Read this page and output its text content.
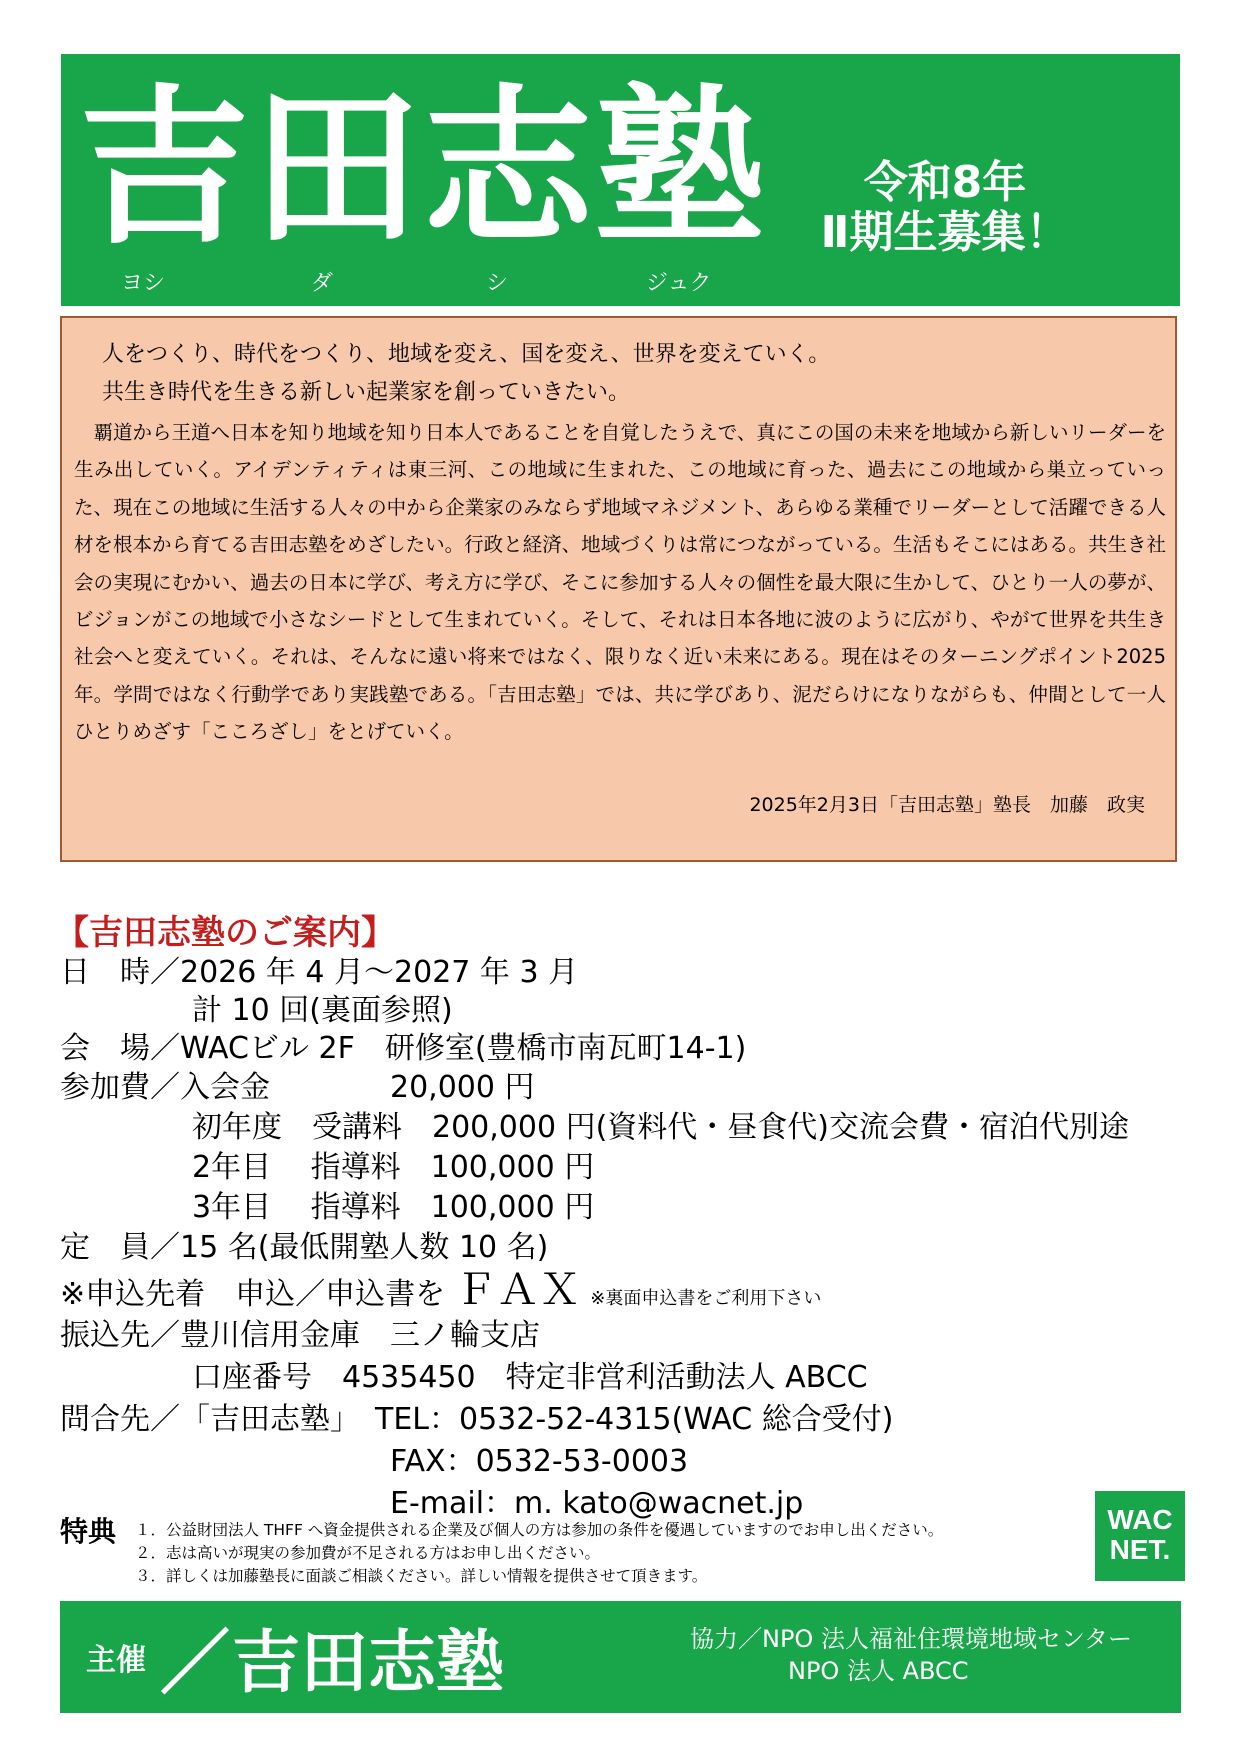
吉田志塾
ヨシ	ダ	シ	ジュク
令和8年
Ⅱ期生募集！
人をつくり、時代をつくり、地域を変え、国を変え、世界を変えていく。
共生き時代を生きる新しい起業家を創っていきたい。

覇道から王道へ日本を知り地域を知り日本人であることを自覚したうえで、真にこの国の未来を地域から新しいリーダーを生み出していく。アイデンティティは東三河、この地域に生まれた、この地域に育った、過去にこの地域から巣立っていった、現在この地域に生活する人々の中から企業家のみならず地域マネジメント、あらゆる業種でリーダーとして活躍できる人材を根本から育てる吉田志塾をめざしたい。行政と経済、地域づくりは常につながっている。生活もそこにはある。共生き社会の実現にむかい、過去の日本に学び、考え方に学び、そこに参加する人々の個性を最大限に生かして、ひとり一人の夢が、ビジョンがこの地域で小さなシードとして生まれていく。そして、それは日本各地に波のように広がり、やがて世界を共生き社会へと変えていく。それは、そんなに遠い将来ではなく、限りなく近い未来にある。現在はそのターニングポイント2025年。学問ではなく行動学であり実践塾である。「吉田志塾」では、共に学びあり、泥だらけになりながらも、仲間として一人ひとりめざす「こころざし」をとげていく。

2025年2月3日「吉田志塾」塾長　加藤　政実
【吉田志塾のご案内】
日　時／2026 年 4 月～2027 年 3 月
計 10 回(裏面参照)
会　場／WACビル 2F　研修室(豊橋市南瓦町14-1)
参加費／入会金　　　　20,000 円
初年度　受講料　200,000 円(資料代・昼食代)交流会費・宿泊代別途
2年目　 指導料　100,000 円
3年目　 指導料　100,000 円
定　員／15 名(最低開塾人数 10 名)
※申込先着　申込／申込書を ＦＡＸ ※裏面申込書をご利用下さい
振込先／豊川信用金庫　三ノ輪支店
口座番号　4535450　特定非営利活動法人 ABCC
問合先／「吉田志塾」　TEL：0532-52-4315(WAC 総合受付)
FAX：0532-53-0003
E-mail：m. kato@wacnet.jp
特典 １．公益財団法人 THFF へ資金提供される企業及び個人の方は参加の条件を優遇していますのでお申し出ください。
２．志は高いが現実の参加費が不足される方はお申し出ください。
３．詳しくは加藤塾長に面談ご相談ください。詳しい情報を提供させて頂きます。
WAC
NET.
主催 ／ 吉田志塾	協力／NPO 法人福祉住環境地域センター
NPO 法人 ABCC
